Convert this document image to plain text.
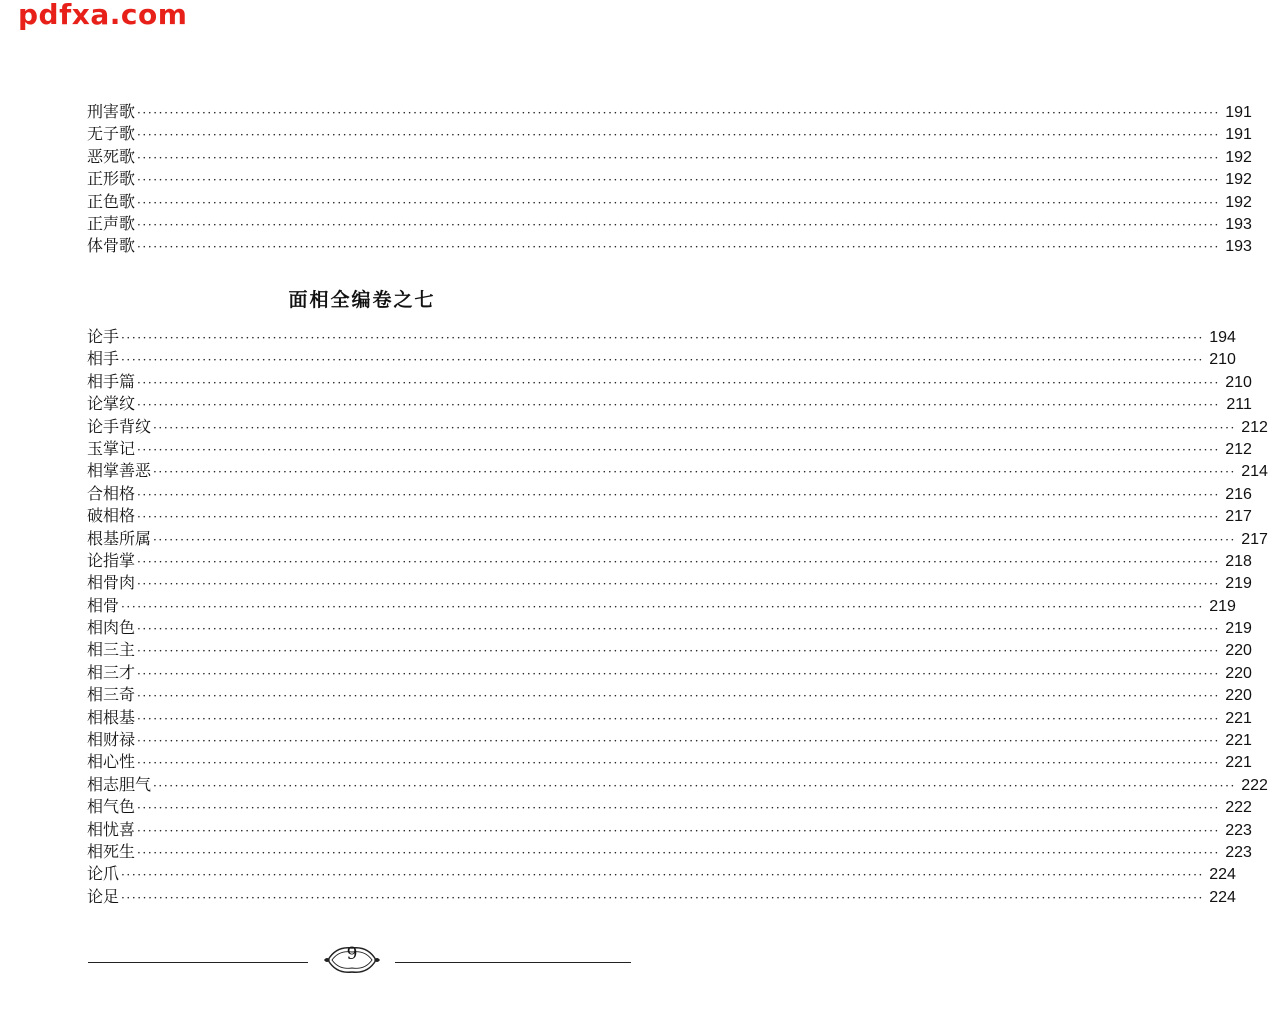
pdfxa.com
刑害歌 ········································································································································································································ 191
无子歌 ········································································································································································································ 191
恶死歌 ········································································································································································································ 192
正形歌 ········································································································································································································ 192
正色歌 ········································································································································································································ 192
正声歌 ········································································································································································································ 193
体骨歌 ········································································································································································································ 193
面相全编卷之七
论手 ········································································································································································································ 194
相手 ········································································································································································································ 210
相手篇 ········································································································································································································ 210
论掌纹 ········································································································································································································ 211
论手背纹 ········································································································································································································ 212
玉掌记 ········································································································································································································ 212
相掌善恶 ········································································································································································································ 214
合相格 ········································································································································································································ 216
破相格 ········································································································································································································ 217
根基所属 ········································································································································································································ 217
论指掌 ········································································································································································································ 218
相骨肉 ········································································································································································································ 219
相骨 ········································································································································································································ 219
相肉色 ········································································································································································································ 219
相三主 ········································································································································································································ 220
相三才 ········································································································································································································ 220
相三奇 ········································································································································································································ 220
相根基 ········································································································································································································ 221
相财禄 ········································································································································································································ 221
相心性 ········································································································································································································ 221
相志胆气 ········································································································································································································ 222
相气色 ········································································································································································································ 222
相忧喜 ········································································································································································································ 223
相死生 ········································································································································································································ 223
论爪 ········································································································································································································ 224
论足 ········································································································································································································ 224
9
